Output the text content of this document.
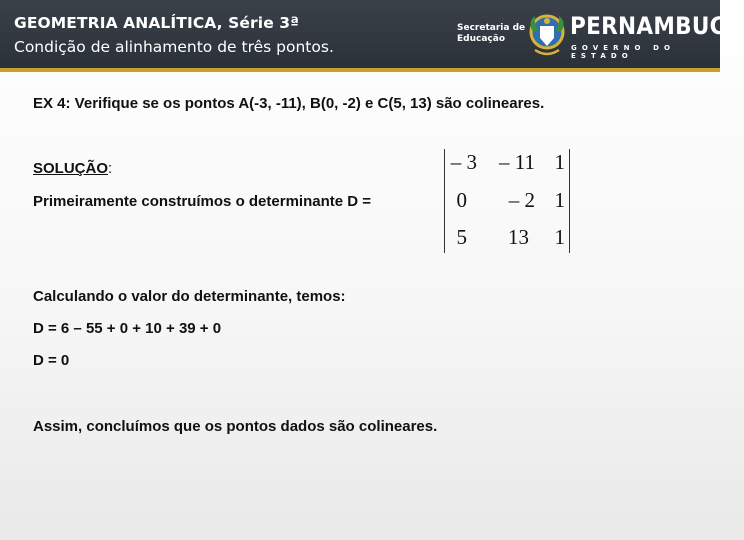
GEOMETRIA ANALÍTICA, Série 3ª
Condição de alinhamento de três pontos.
Secretaria de
Educação	PERNAMBUCO
GOVERNO DO ESTADO
EX 4: Verifique se os pontos A(-3, -11), B(0, -2) e C(5, 13) são colineares.
SOLUÇÃO:
Primeiramente construímos o determinante D =
– 3	– 11 1
0	– 2 1
5	13	1
Calculando o valor do determinante, temos:
D = 6 – 55 + 0 + 10 + 39 + 0
D = 0
Assim, concluímos que os pontos dados são colineares.
